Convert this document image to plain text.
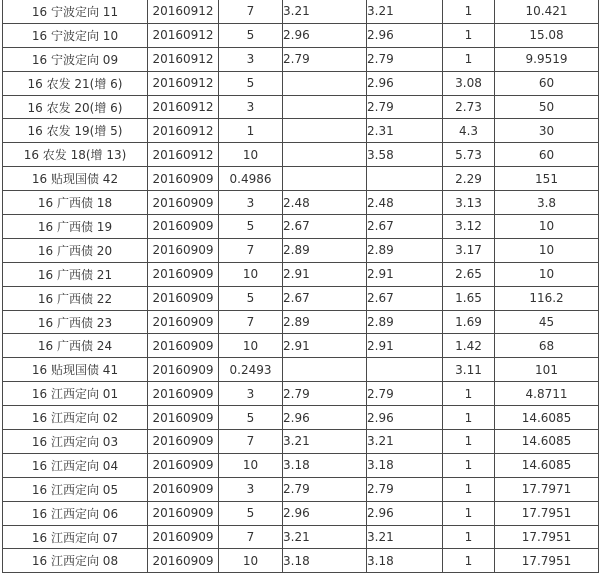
16 宁波定向 11	20160912	7	3.21	3.21	1	10.421
16 宁波定向 10	20160912	5	2.96	2.96	1	15.08
16 宁波定向 09	20160912	3	2.79	2.79	1	9.9519
16 农发 21(增 6)	20160912	5		2.96	3.08	60
16 农发 20(增 6)	20160912	3		2.79	2.73	50
16 农发 19(增 5)	20160912	1		2.31	4.3	30
16 农发 18(增 13)	20160912	10		3.58	5.73	60
16 贴现国债 42	20160909	0.4986			2.29	151
16 广西债 18	20160909	3	2.48	2.48	3.13	3.8
16 广西债 19	20160909	5	2.67	2.67	3.12	10
16 广西债 20	20160909	7	2.89	2.89	3.17	10
16 广西债 21	20160909	10	2.91	2.91	2.65	10
16 广西债 22	20160909	5	2.67	2.67	1.65	116.2
16 广西债 23	20160909	7	2.89	2.89	1.69	45
16 广西债 24	20160909	10	2.91	2.91	1.42	68
16 贴现国债 41	20160909	0.2493			3.11	101
16 江西定向 01	20160909	3	2.79	2.79	1	4.8711
16 江西定向 02	20160909	5	2.96	2.96	1	14.6085
16 江西定向 03	20160909	7	3.21	3.21	1	14.6085
16 江西定向 04	20160909	10	3.18	3.18	1	14.6085
16 江西定向 05	20160909	3	2.79	2.79	1	17.7971
16 江西定向 06	20160909	5	2.96	2.96	1	17.7951
16 江西定向 07	20160909	7	3.21	3.21	1	17.7951
16 江西定向 08	20160909	10	3.18	3.18	1	17.7951
